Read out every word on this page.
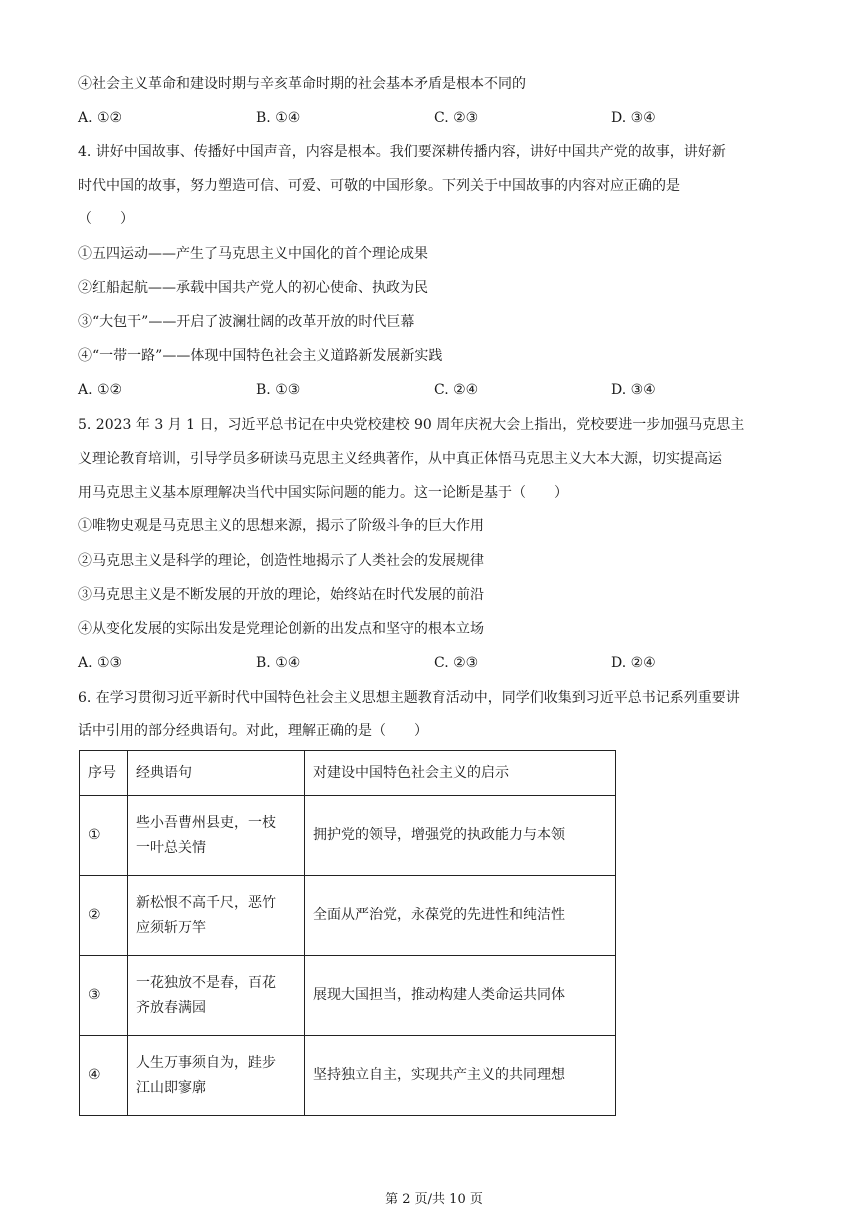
④社会主义革命和建设时期与辛亥革命时期的社会基本矛盾是根本不同的
A. ①②	B. ①④	C. ②③	D. ③④
4. 讲好中国故事、传播好中国声音，内容是根本。我们要深耕传播内容，讲好中国共产党的故事，讲好新
时代中国的故事，努力塑造可信、可爱、可敬的中国形象。下列关于中国故事的内容对应正确的是
（　　）
①五四运动——产生了马克思主义中国化的首个理论成果
②红船起航——承载中国共产党人的初心使命、执政为民
③“大包干”——开启了波澜壮阔的改革开放的时代巨幕
④“一带一路”——体现中国特色社会主义道路新发展新实践
A. ①②	B. ①③	C. ②④	D. ③④
5. 2023 年 3 月 1 日，习近平总书记在中央党校建校 90 周年庆祝大会上指出，党校要进一步加强马克思主
义理论教育培训，引导学员多研读马克思主义经典著作，从中真正体悟马克思主义大本大源，切实提高运
用马克思主义基本原理解决当代中国实际问题的能力。这一论断是基于（　　）
①唯物史观是马克思主义的思想来源，揭示了阶级斗争的巨大作用
②马克思主义是科学的理论，创造性地揭示了人类社会的发展规律
③马克思主义是不断发展的开放的理论，始终站在时代发展的前沿
④从变化发展的实际出发是党理论创新的出发点和坚守的根本立场
A. ①③	B. ①④	C. ②③	D. ②④
6. 在学习贯彻习近平新时代中国特色社会主义思想主题教育活动中，同学们收集到习近平总书记系列重要讲
话中引用的部分经典语句。对此，理解正确的是（　　）
序号	经典语句	对建设中国特色社会主义的启示
①	些小吾曹州县吏，一枝
一叶总关情	拥护党的领导，增强党的执政能力与本领
②	新松恨不高千尺，恶竹
应须斩万竿	全面从严治党，永葆党的先进性和纯洁性
③	一花独放不是春，百花
齐放春满园	展现大国担当，推动构建人类命运共同体
④	人生万事须自为，跬步
江山即寥廓	坚持独立自主，实现共产主义的共同理想
第 2 页/共 10 页
